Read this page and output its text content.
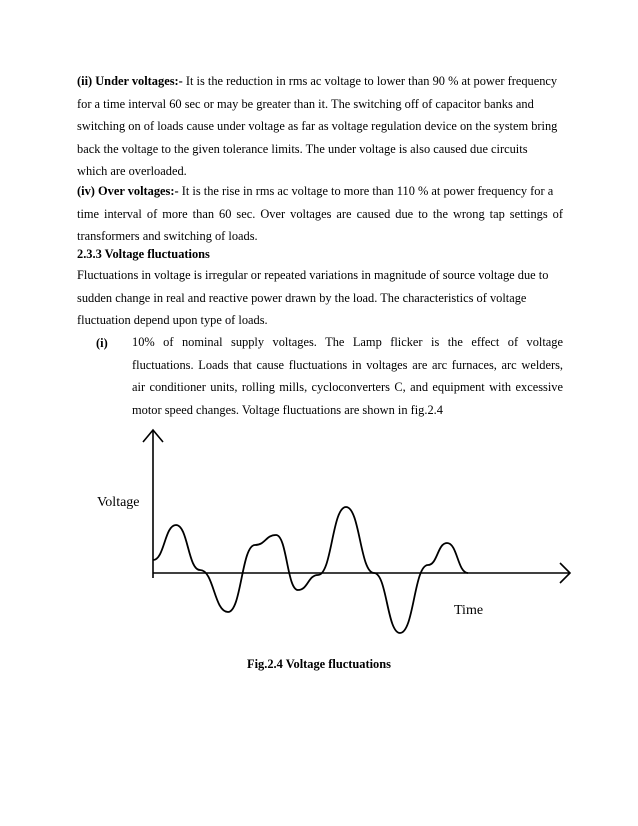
(ii) Under voltages:- It is the reduction in rms ac voltage to lower than 90 % at power frequency
for a time interval 60 sec or may be greater than it. The switching off of capacitor banks and
switching on of loads cause under voltage as far as voltage regulation device on the system bring
back the voltage to the given tolerance limits. The under voltage is also caused due circuits
which are overloaded.
(iv) Over voltages:- It is the rise in rms ac voltage to more than 110 % at power frequency for a
time interval of more than 60 sec. Over voltages are caused due to the wrong tap settings of
transformers and switching of loads.
2.3.3 Voltage fluctuations
Fluctuations in voltage is irregular or repeated variations in magnitude of source voltage due to
sudden change in real and reactive power drawn by the load. The characteristics of voltage
fluctuation depend upon type of loads.
(i) 10% of nominal supply voltages. The Lamp flicker is the effect of voltage
fluctuations. Loads that cause fluctuations in voltages are arc furnaces, arc welders,
air conditioner units, rolling mills, cycloconverters C, and equipment with excessive
motor speed changes. Voltage fluctuations are shown in fig.2.4
Voltage
Time
Fig.2.4 Voltage fluctuations
